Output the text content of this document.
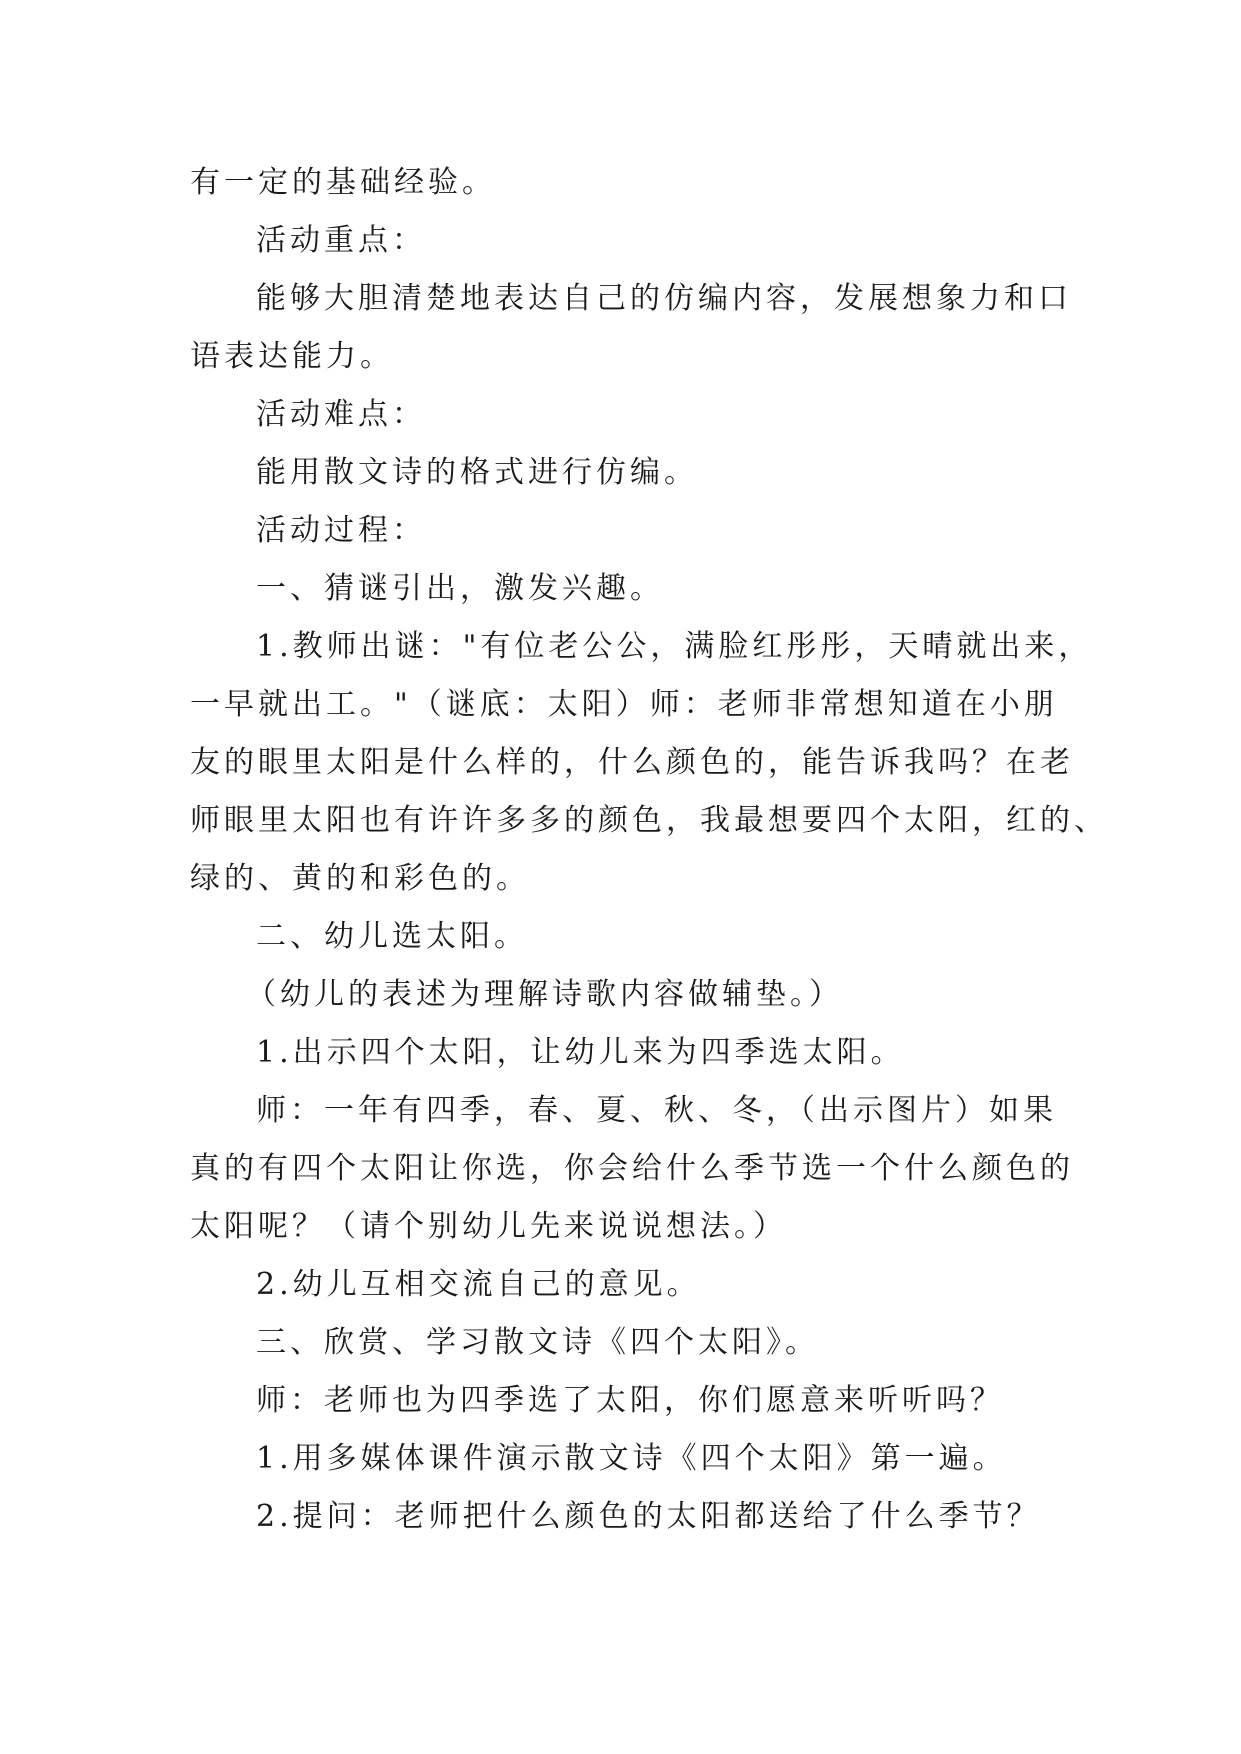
有一定的基础经验。
活动重点：
能够大胆清楚地表达自己的仿编内容，发展想象力和口
语表达能力。
活动难点：
能用散文诗的格式进行仿编。
活动过程：
一、猜谜引出，激发兴趣。
1.教师出谜："有位老公公，满脸红彤彤，天晴就出来，
一早就出工。"（谜底：太阳）师：老师非常想知道在小朋
友的眼里太阳是什么样的，什么颜色的，能告诉我吗？在老
师眼里太阳也有许许多多的颜色，我最想要四个太阳，红的、
绿的、黄的和彩色的。
二、幼儿选太阳。
（幼儿的表述为理解诗歌内容做辅垫。）
1.出示四个太阳，让幼儿来为四季选太阳。
师：一年有四季，春、夏、秋、冬，（出示图片）如果
真的有四个太阳让你选，你会给什么季节选一个什么颜色的
太阳呢？（请个别幼儿先来说说想法。）
2.幼儿互相交流自己的意见。
三、欣赏、学习散文诗《四个太阳》。
师：老师也为四季选了太阳，你们愿意来听听吗？
1.用多媒体课件演示散文诗《四个太阳》第一遍。
2.提问：老师把什么颜色的太阳都送给了什么季节？
